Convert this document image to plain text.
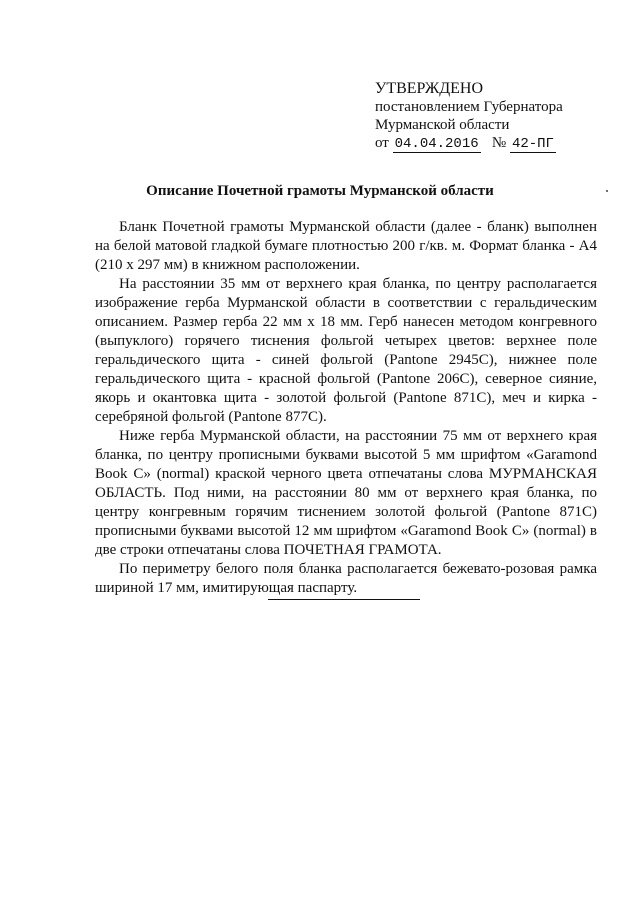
УТВЕРЖДЕНО
постановлением Губернатора
Мурманской области
от 04.04.2016 № 42-ПГ
Описание Почетной грамоты Мурманской области

Бланк Почетной грамоты Мурманской области (далее - бланк) выполнен на белой матовой гладкой бумаге плотностью 200 г/кв. м. Формат бланка - А4 (210 х 297 мм) в книжном расположении.

На расстоянии 35 мм от верхнего края бланка, по центру располагается изображение герба Мурманской области в соответствии с геральдическим описанием. Размер герба 22 мм х 18 мм. Герб нанесен методом конгревного (выпуклого) горячего тиснения фольгой четырех цветов: верхнее поле геральдического щита - синей фольгой (Pantone 2945C), нижнее поле геральдического щита - красной фольгой (Pantone 206C), северное сияние, якорь и окантовка щита - золотой фольгой (Pantone 871C), меч и кирка - серебряной фольгой (Pantone 877C).

Ниже герба Мурманской области, на расстоянии 75 мм от верхнего края бланка, по центру прописными буквами высотой 5 мм шрифтом «Garamond Book C» (normal) краской черного цвета отпечатаны слова МУРМАНСКАЯ ОБЛАСТЬ. Под ними, на расстоянии 80 мм от верхнего края бланка, по центру конгревным горячим тиснением золотой фольгой (Pantone 871C) прописными буквами высотой 12 мм шрифтом «Garamond Book C» (normal) в две строки отпечатаны слова ПОЧЕТНАЯ ГРАМОТА.

По периметру белого поля бланка располагается бежевато-розовая рамка шириной 17 мм, имитирующая паспарту.
